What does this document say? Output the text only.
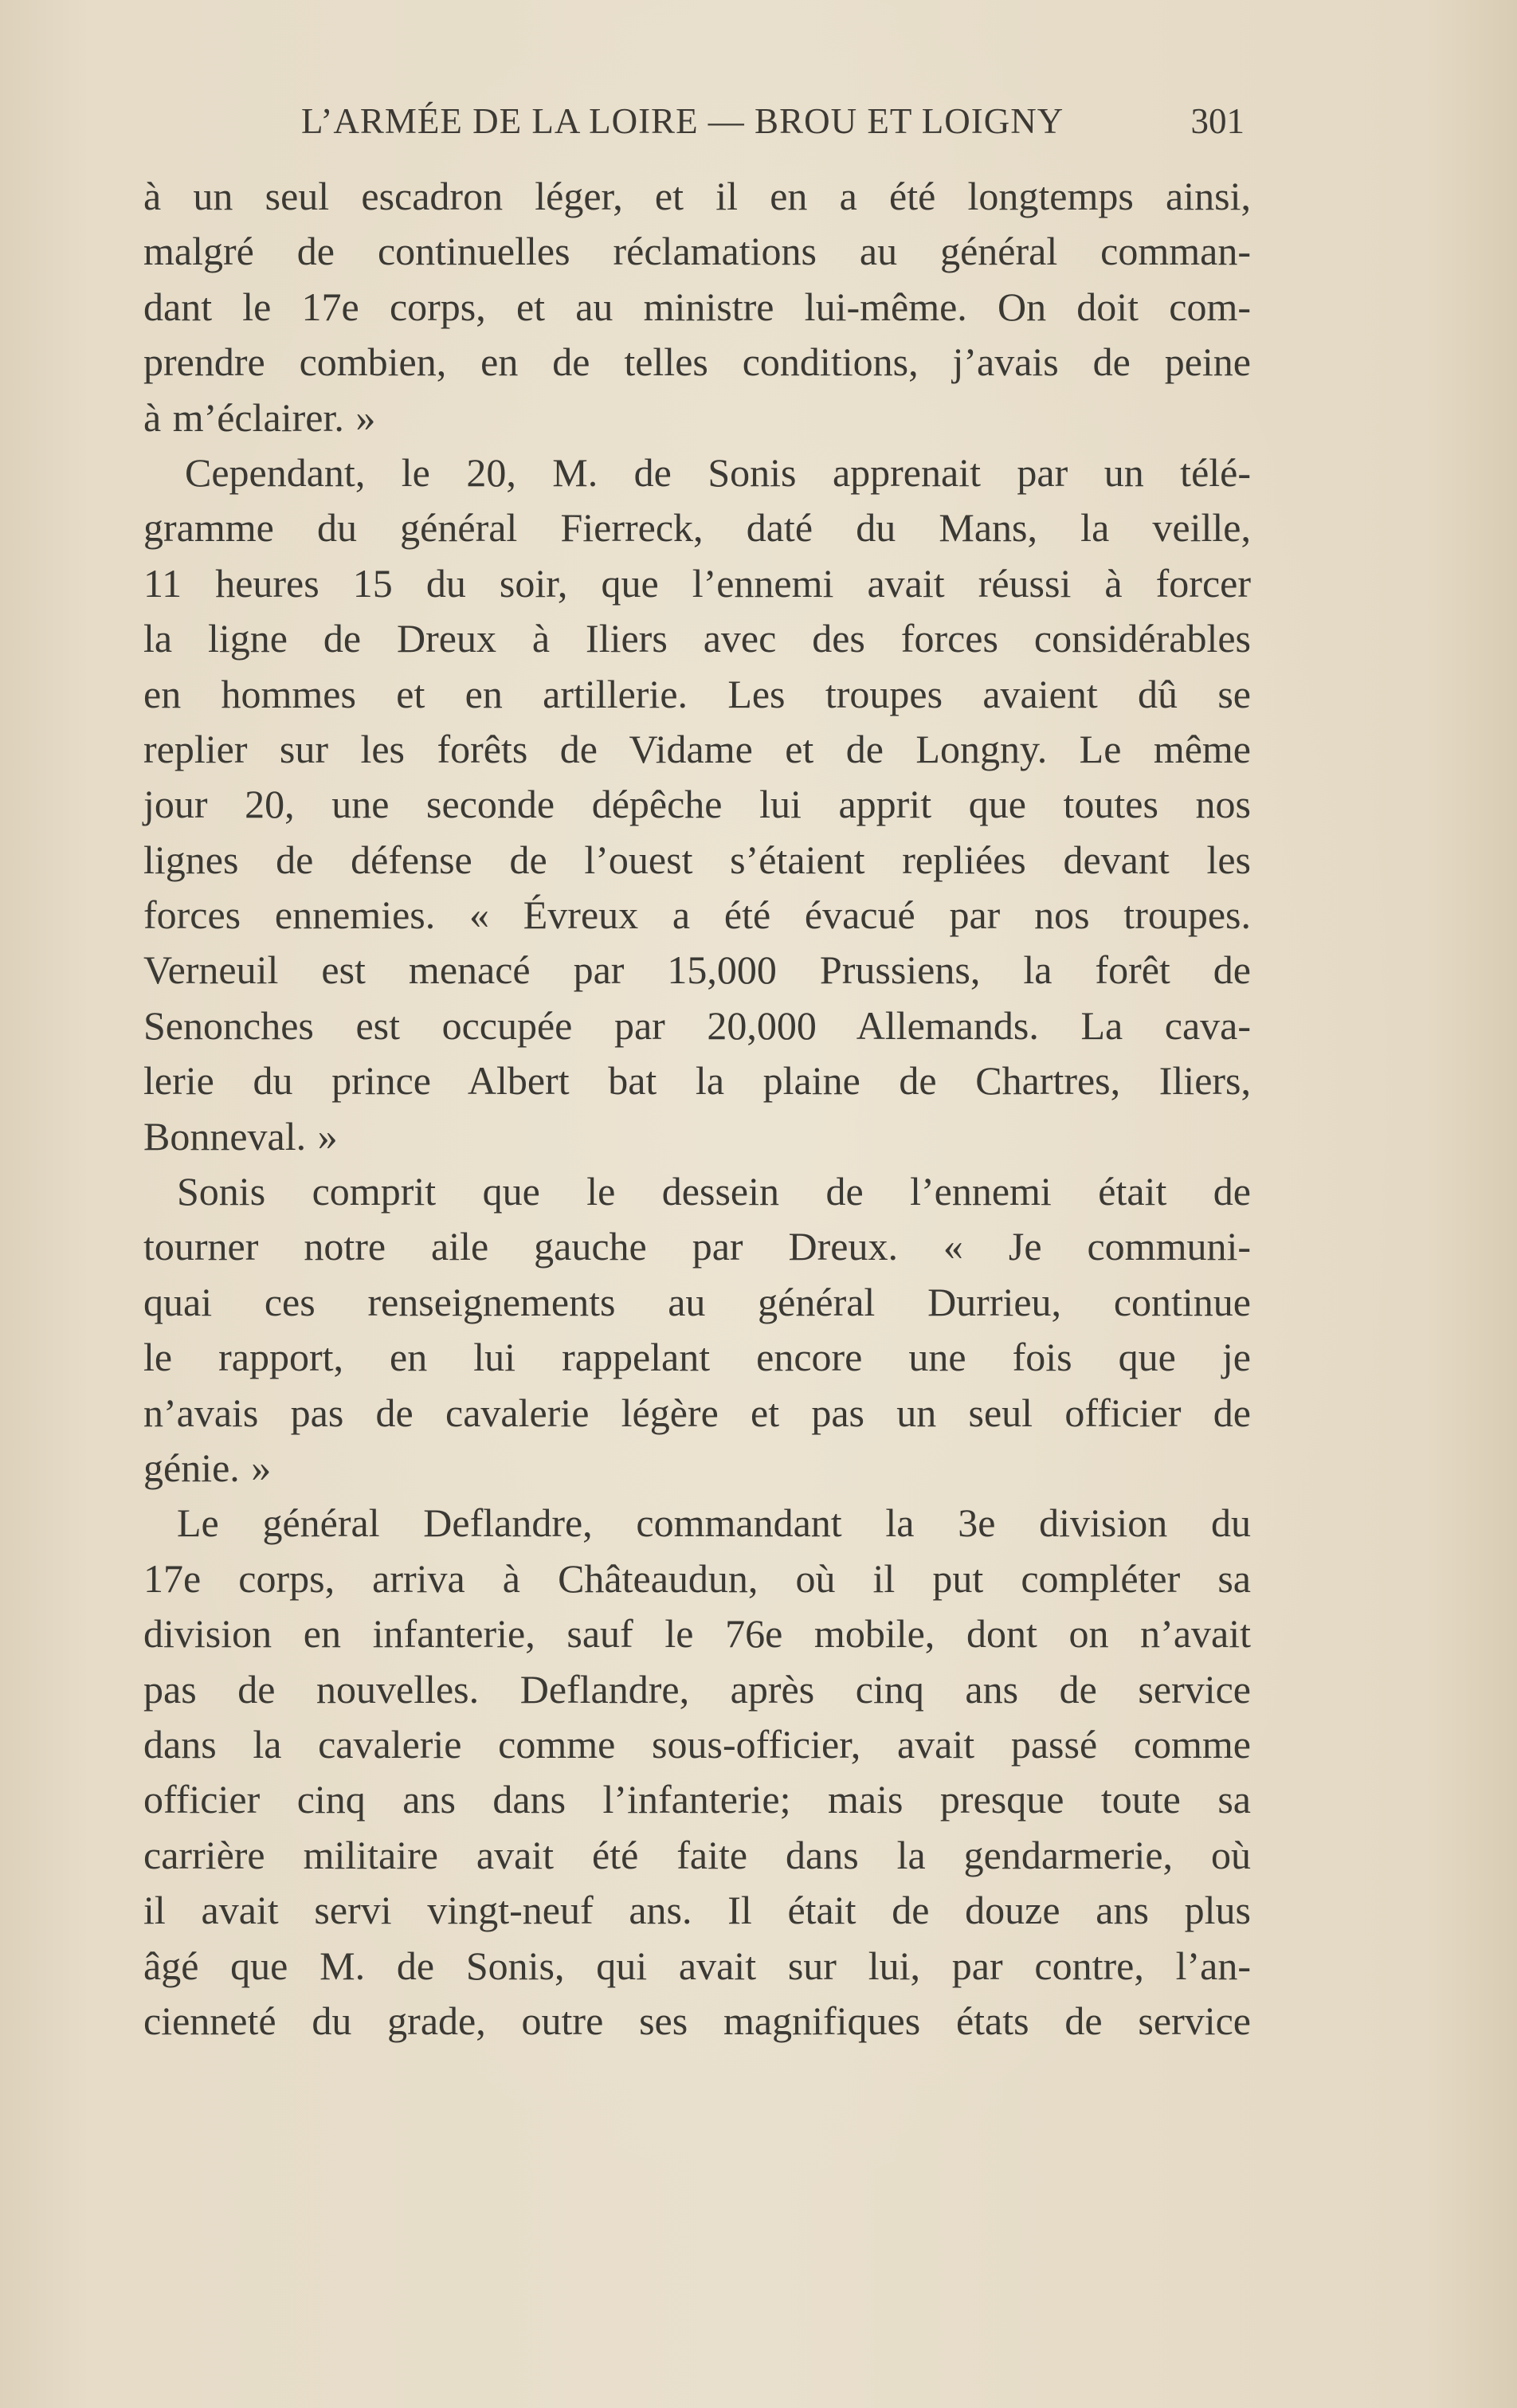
L’ARMÉE DE LA LOIRE — BROU ET LOIGNY	301
à un seul escadron léger, et il en a été longtemps ainsi,
malgré de continuelles réclamations au général comman-
dant le 17e corps, et au ministre lui-même. On doit com-
prendre combien, en de telles conditions, j’avais de peine
à m’éclairer. »
Cependant, le 20, M. de Sonis apprenait par un télé-
gramme du général Fierreck, daté du Mans, la veille,
11 heures 15 du soir, que l’ennemi avait réussi à forcer
la ligne de Dreux à Iliers avec des forces considérables
en hommes et en artillerie. Les troupes avaient dû se
replier sur les forêts de Vidame et de Longny. Le même
jour 20, une seconde dépêche lui apprit que toutes nos
lignes de défense de l’ouest s’étaient repliées devant les
forces ennemies. « Évreux a été évacué par nos troupes.
Verneuil est menacé par 15,000 Prussiens, la forêt de
Senonches est occupée par 20,000 Allemands. La cava-
lerie du prince Albert bat la plaine de Chartres, Iliers,
Bonneval. »
Sonis comprit que le dessein de l’ennemi était de
tourner notre aile gauche par Dreux. « Je communi-
quai ces renseignements au général Durrieu, continue
le rapport, en lui rappelant encore une fois que je
n’avais pas de cavalerie légère et pas un seul officier de
génie. »
Le général Deflandre, commandant la 3e division du
17e corps, arriva à Châteaudun, où il put compléter sa
division en infanterie, sauf le 76e mobile, dont on n’avait
pas de nouvelles. Deflandre, après cinq ans de service
dans la cavalerie comme sous-officier, avait passé comme
officier cinq ans dans l’infanterie; mais presque toute sa
carrière militaire avait été faite dans la gendarmerie, où
il avait servi vingt-neuf ans. Il était de douze ans plus
âgé que M. de Sonis, qui avait sur lui, par contre, l’an-
cienneté du grade, outre ses magnifiques états de service
